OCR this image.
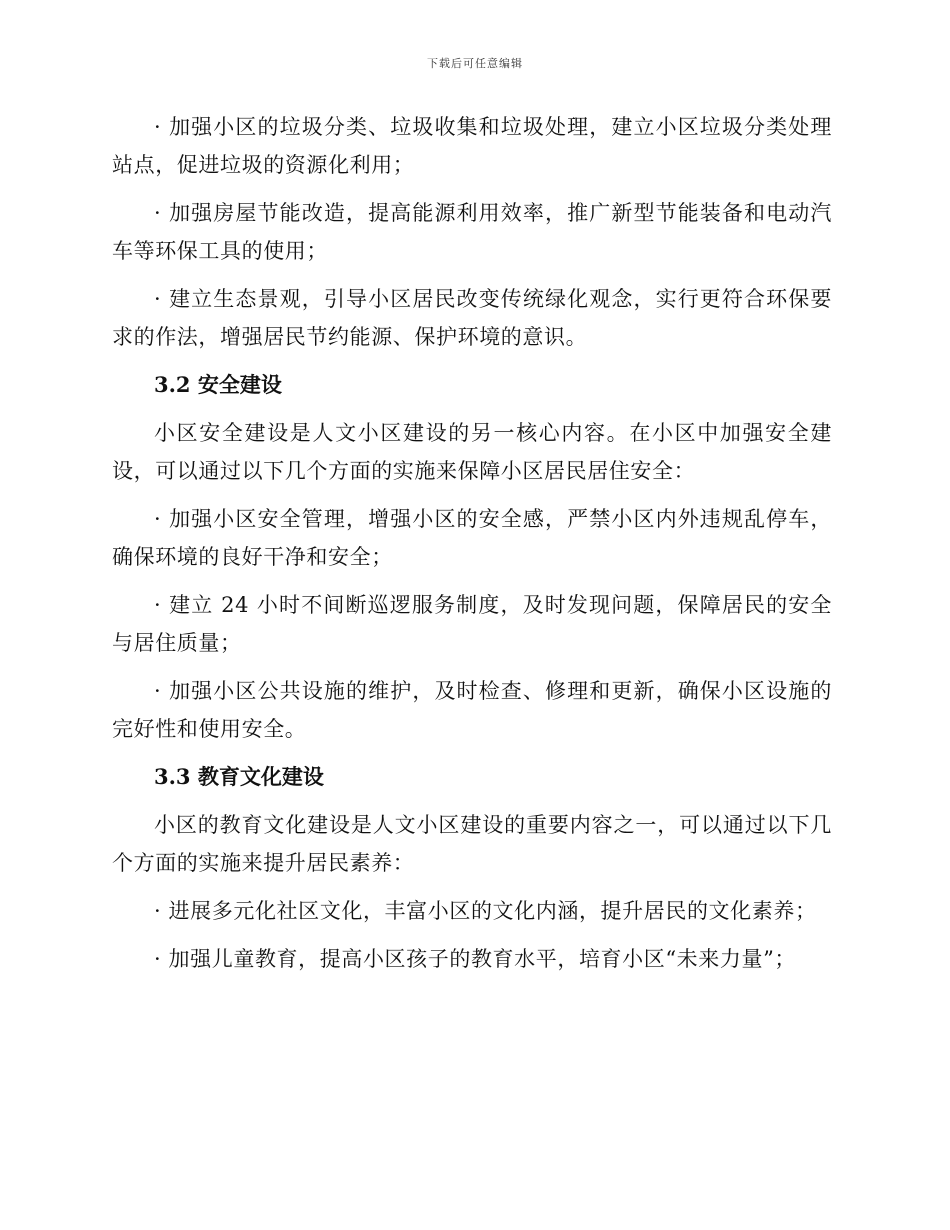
下载后可任意编辑

· 加强小区的垃圾分类、垃圾收集和垃圾处理，建立小区垃圾分类处理站点，促进垃圾的资源化利用；

· 加强房屋节能改造，提高能源利用效率，推广新型节能装备和电动汽车等环保工具的使用；

· 建立生态景观，引导小区居民改变传统绿化观念，实行更符合环保要求的作法，增强居民节约能源、保护环境的意识。

3.2 安全建设

小区安全建设是人文小区建设的另一核心内容。在小区中加强安全建设，可以通过以下几个方面的实施来保障小区居民居住安全：

· 加强小区安全管理，增强小区的安全感，严禁小区内外违规乱停车，确保环境的良好干净和安全；

· 建立 24 小时不间断巡逻服务制度，及时发现问题，保障居民的安全与居住质量；

· 加强小区公共设施的维护，及时检查、修理和更新，确保小区设施的完好性和使用安全。

3.3 教育文化建设

小区的教育文化建设是人文小区建设的重要内容之一，可以通过以下几个方面的实施来提升居民素养：

· 进展多元化社区文化，丰富小区的文化内涵，提升居民的文化素养；

· 加强儿童教育，提高小区孩子的教育水平，培育小区“未来力量”；
